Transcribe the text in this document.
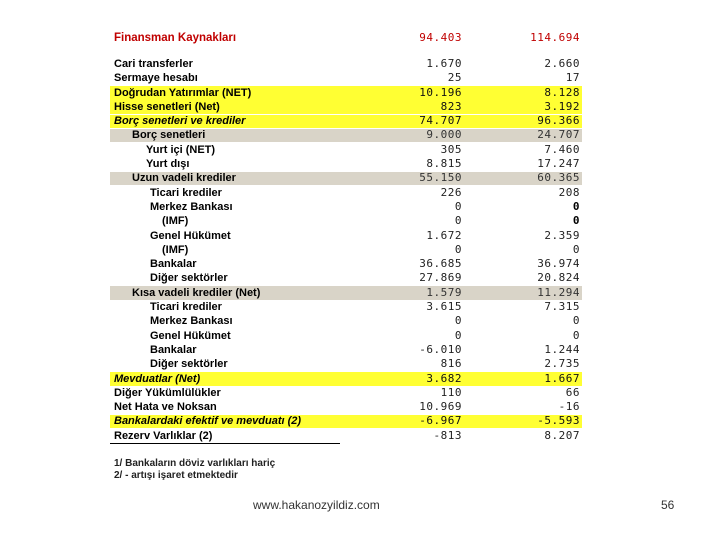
Finansman Kaynakları	94.403	114.694
Cari transferler	1.670	2.660
Sermaye hesabı	25	17
Doğrudan Yatırımlar (NET)	10.196	8.128
Hisse senetleri (Net)	823	3.192
Borç senetleri ve krediler	74.707	96.366
Borç senetleri	9.000	24.707
Yurt içi (NET)	305	7.460
Yurt dışı	8.815	17.247
Uzun vadeli krediler	55.150	60.365
Ticari krediler	226	208
Merkez Bankası	0	0
(IMF)	0	0
Genel Hükümet	1.672	2.359
(IMF)	0	0
Bankalar	36.685	36.974
Diğer sektörler	27.869	20.824
Kısa vadeli krediler (Net)	1.579	11.294
Ticari krediler	3.615	7.315
Merkez Bankası	0	0
Genel Hükümet	0	0
Bankalar	-6.010	1.244
Diğer sektörler	816	2.735
Mevduatlar (Net)	3.682	1.667
Diğer Yükümlülükler	110	66
Net Hata ve Noksan	10.969	-16
Bankalardaki efektif ve mevduatı (2)	-6.967	-5.593
Rezerv Varlıklar (2)	-813	8.207
1/ Bankaların döviz varlıkları hariç
2/ - artışı işaret etmektedir
www.hakanozyildiz.com	56
